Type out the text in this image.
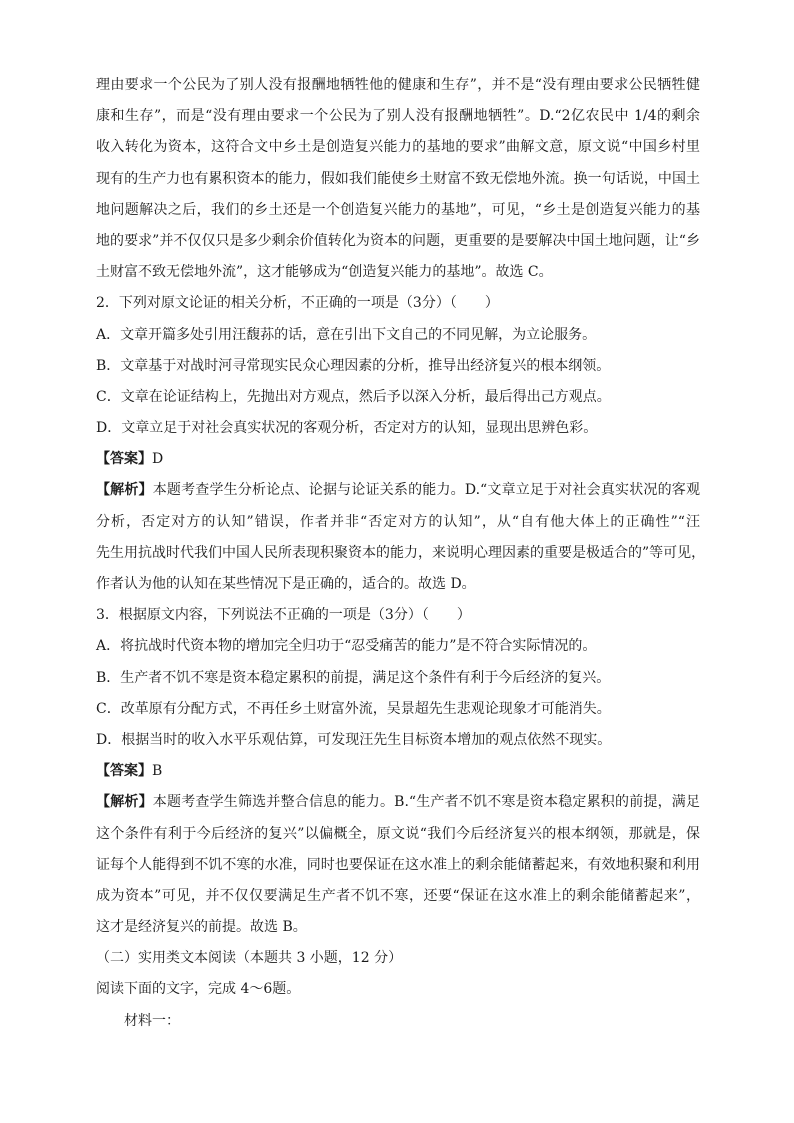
理由要求一个公民为了别人没有报酬地牺牲他的健康和生存”，并不是“没有理由要求公民牺牲健
康和生存”，而是“没有理由要求一个公民为了别人没有报酬地牺牲”。D.“2亿农民中 1/4的剩余
收入转化为资本，这符合文中乡土是创造复兴能力的基地的要求”曲解文意，原文说“中国乡村里
现有的生产力也有累积资本的能力，假如我们能使乡土财富不致无偿地外流。换一句话说，中国土
地问题解决之后，我们的乡土还是一个创造复兴能力的基地”，可见，“乡土是创造复兴能力的基
地的要求”并不仅仅只是多少剩余价值转化为资本的问题，更重要的是要解决中国土地问题，让“乡
土财富不致无偿地外流”，这才能够成为“创造复兴能力的基地”。故选 C。
2．下列对原文论证的相关分析，不正确的一项是（3分）（　　）
A．文章开篇多处引用汪馥荪的话，意在引出下文自己的不同见解，为立论服务。
B．文章基于对战时河寻常现实民众心理因素的分析，推导出经济复兴的根本纲领。
C．文章在论证结构上，先抛出对方观点，然后予以深入分析，最后得出己方观点。
D．文章立足于对社会真实状况的客观分析，否定对方的认知，显现出思辨色彩。
【答案】D
【解析】本题考查学生分析论点、论据与论证关系的能力。D.“文章立足于对社会真实状况的客观
分析，否定对方的认知”错误，作者并非“否定对方的认知”，从“自有他大体上的正确性”“汪
先生用抗战时代我们中国人民所表现积聚资本的能力，来说明心理因素的重要是极适合的”等可见，
作者认为他的认知在某些情况下是正确的，适合的。故选 D。
3．根据原文内容，下列说法不正确的一项是（3分）（　　）
A．将抗战时代资本物的增加完全归功于“忍受痛苦的能力”是不符合实际情况的。
B．生产者不饥不寒是资本稳定累积的前提，满足这个条件有利于今后经济的复兴。
C．改革原有分配方式，不再任乡土财富外流，吴景超先生悲观论现象才可能消失。
D．根据当时的收入水平乐观估算，可发现汪先生目标资本增加的观点依然不现实。
【答案】B
【解析】本题考查学生筛选并整合信息的能力。B.“生产者不饥不寒是资本稳定累积的前提，满足
这个条件有利于今后经济的复兴”以偏概全，原文说“我们今后经济复兴的根本纲领，那就是，保
证每个人能得到不饥不寒的水准，同时也要保证在这水准上的剩余能储蓄起来，有效地积聚和利用
成为资本”可见，并不仅仅要满足生产者不饥不寒，还要“保证在这水准上的剩余能储蓄起来”，
这才是经济复兴的前提。故选 B。
（二）实用类文本阅读（本题共 3 小题，12 分）
阅读下面的文字，完成 4～6题。
材料一：
